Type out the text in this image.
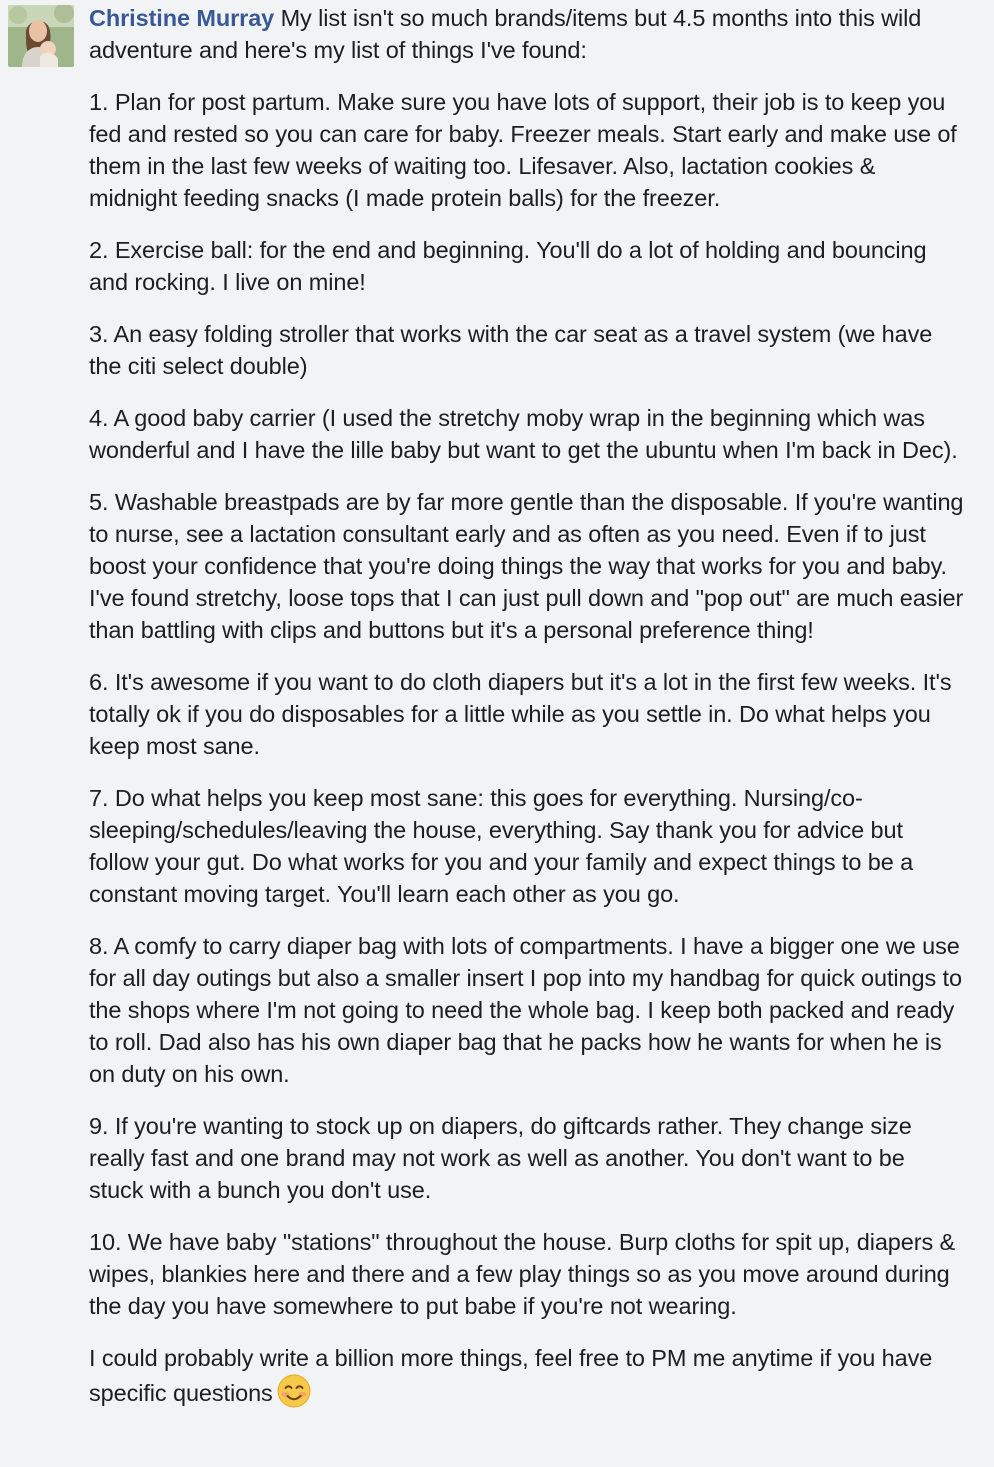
Christine Murray My list isn't so much brands/items but 4.5 months into this wild adventure and here's my list of things I've found:

1. Plan for post partum. Make sure you have lots of support, their job is to keep you fed and rested so you can care for baby. Freezer meals. Start early and make use of them in the last few weeks of waiting too. Lifesaver. Also, lactation cookies & midnight feeding snacks (I made protein balls) for the freezer.

2. Exercise ball: for the end and beginning. You'll do a lot of holding and bouncing and rocking. I live on mine!

3. An easy folding stroller that works with the car seat as a travel system (we have the citi select double)

4. A good baby carrier (I used the stretchy moby wrap in the beginning which was wonderful and I have the lille baby but want to get the ubuntu when I'm back in Dec).

5. Washable breastpads are by far more gentle than the disposable. If you're wanting to nurse, see a lactation consultant early and as often as you need. Even if to just boost your confidence that you're doing things the way that works for you and baby. I've found stretchy, loose tops that I can just pull down and "pop out" are much easier than battling with clips and buttons but it's a personal preference thing!

6. It's awesome if you want to do cloth diapers but it's a lot in the first few weeks. It's totally ok if you do disposables for a little while as you settle in. Do what helps you keep most sane.

7. Do what helps you keep most sane: this goes for everything. Nursing/co-sleeping/schedules/leaving the house, everything. Say thank you for advice but follow your gut. Do what works for you and your family and expect things to be a constant moving target. You'll learn each other as you go.

8. A comfy to carry diaper bag with lots of compartments. I have a bigger one we use for all day outings but also a smaller insert I pop into my handbag for quick outings to the shops where I'm not going to need the whole bag. I keep both packed and ready to roll. Dad also has his own diaper bag that he packs how he wants for when he is on duty on his own.

9. If you're wanting to stock up on diapers, do giftcards rather. They change size really fast and one brand may not work as well as another. You don't want to be stuck with a bunch you don't use.

10. We have baby "stations" throughout the house. Burp cloths for spit up, diapers & wipes, blankies here and there and a few play things so as you move around during the day you have somewhere to put babe if you're not wearing.

I could probably write a billion more things, feel free to PM me anytime if you have specific questions
